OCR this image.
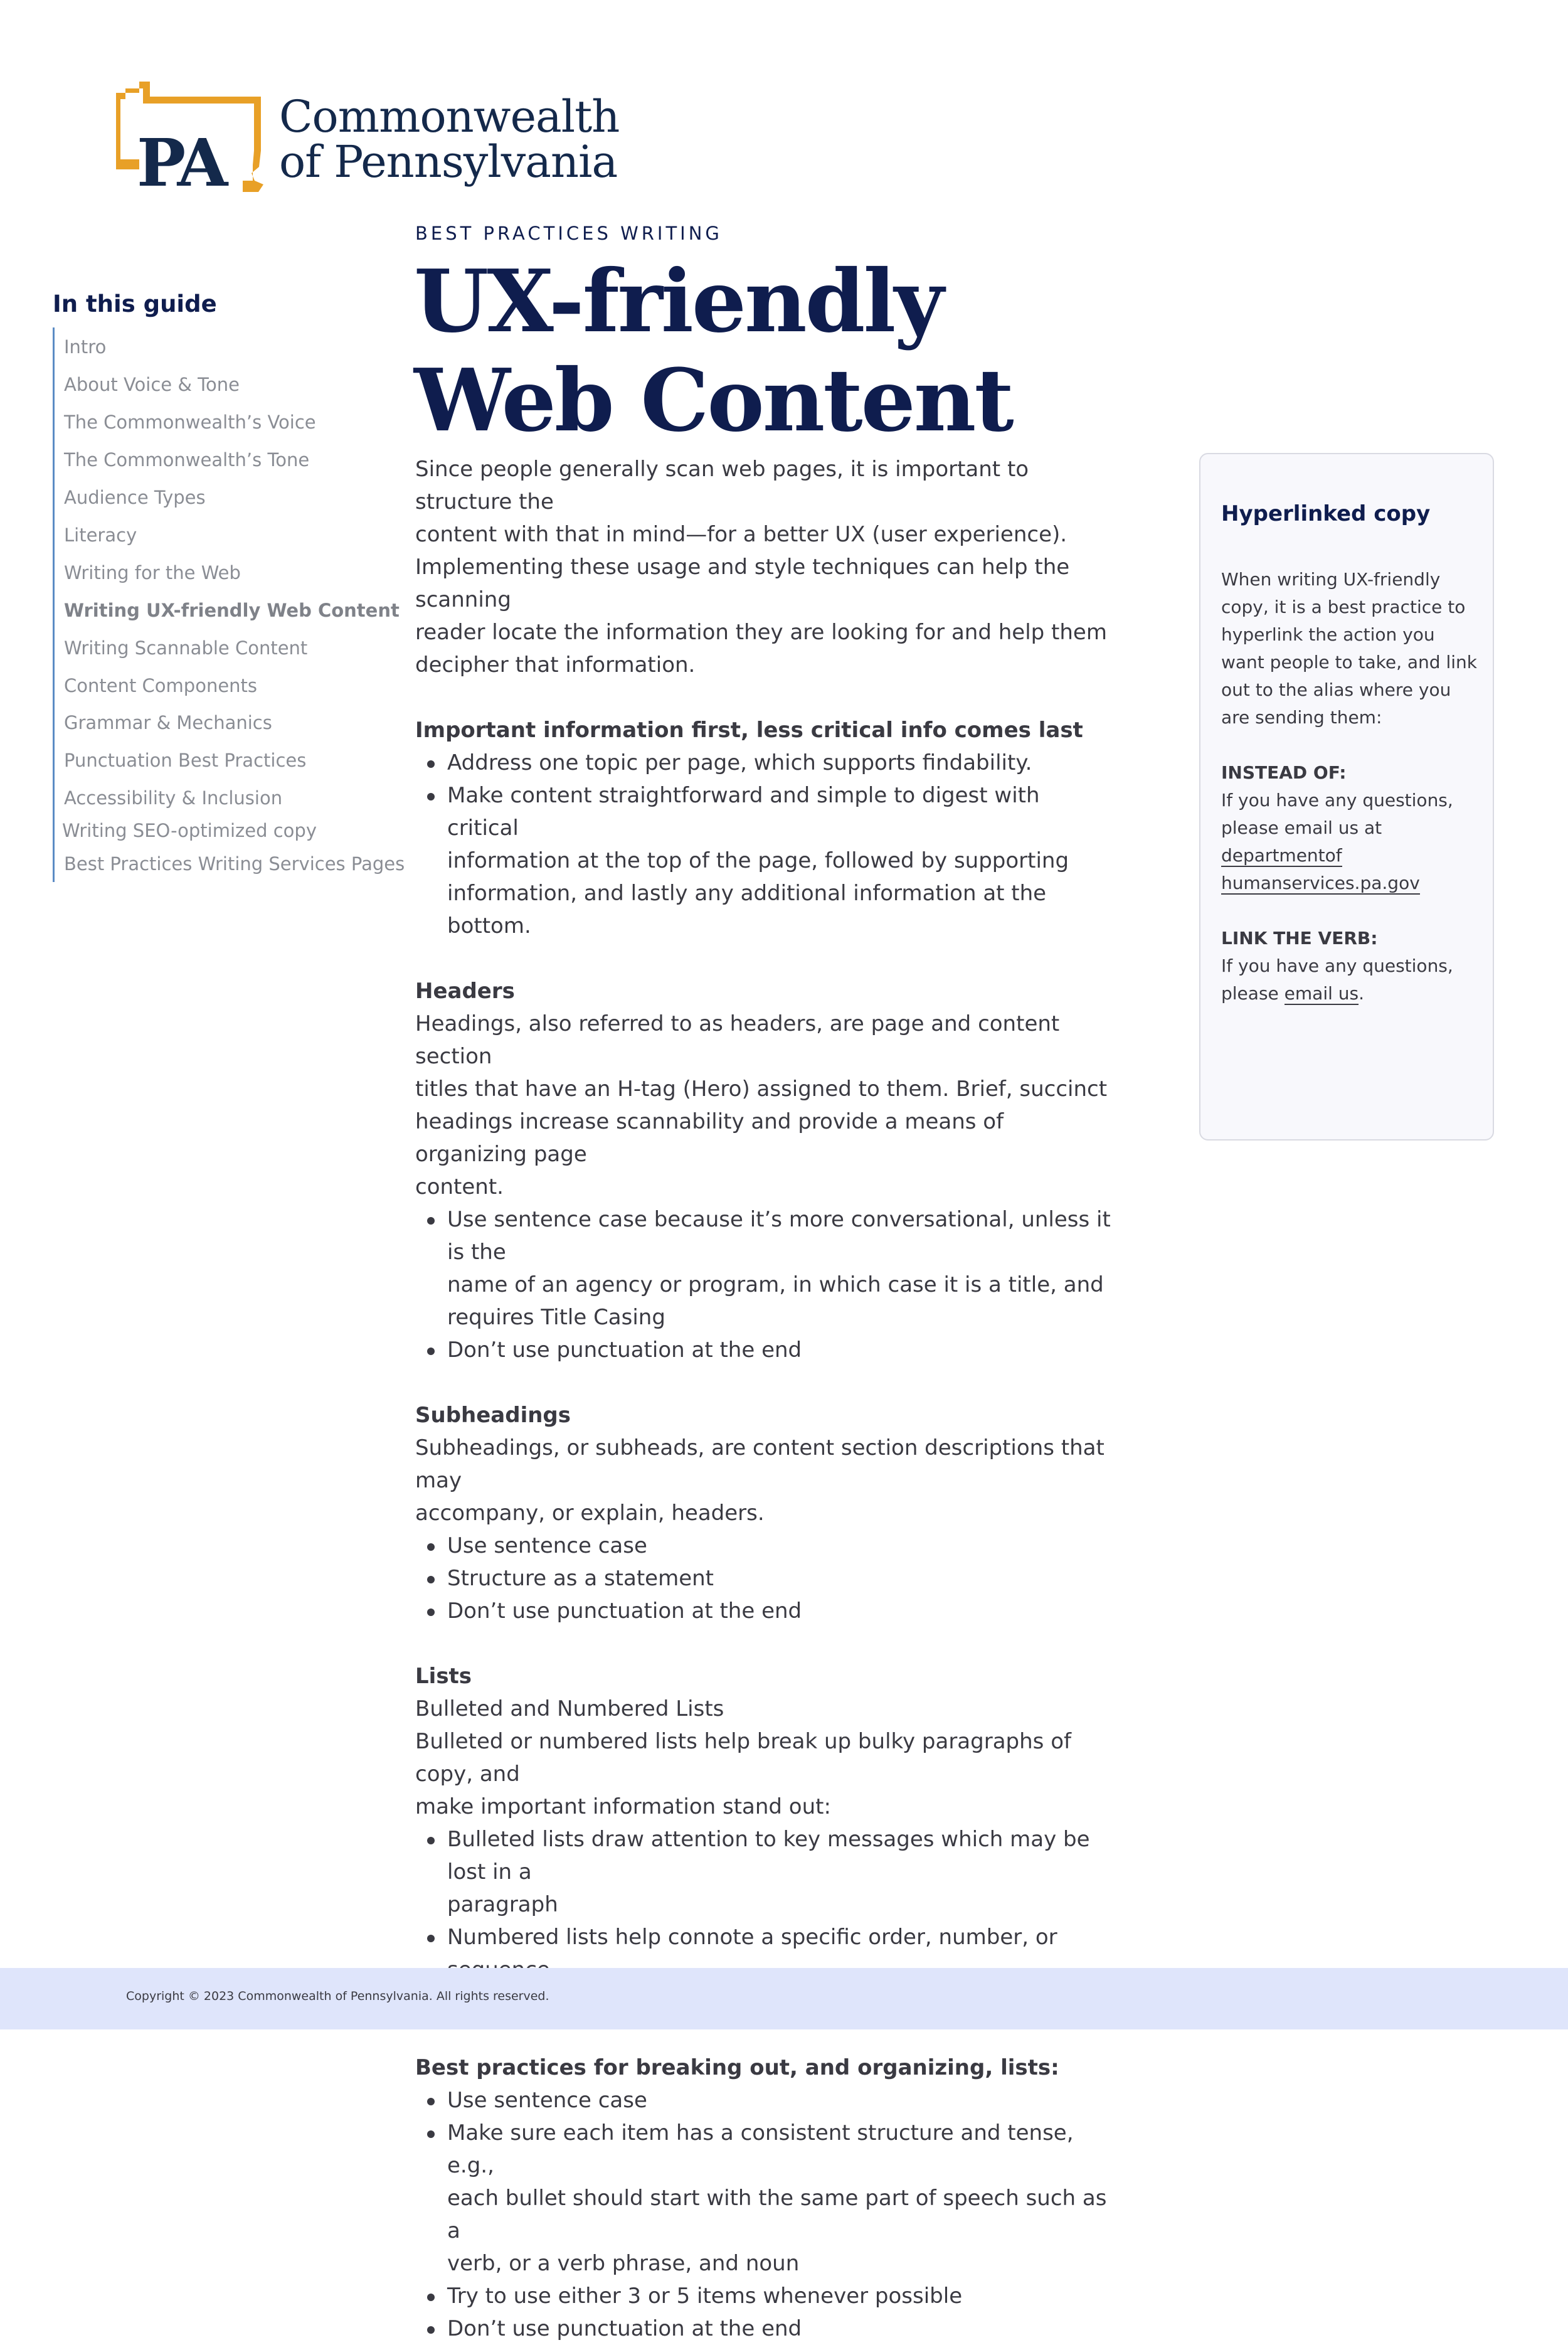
PA
Commonwealth
of Pennsylvania
In this guide
Intro
About Voice & Tone
The Commonwealth’s Voice
The Commonwealth’s Tone
Audience Types
Literacy
Writing for the Web
Writing UX-friendly Web Content
Writing Scannable Content
Content Components
Grammar & Mechanics
Punctuation Best Practices
Accessibility & Inclusion
Writing SEO-optimized copy
Best Practices Writing Services Pages
BEST PRACTICES WRITING
UX-friendly
Web Content

Since people generally scan web pages, it is important to structure the
content with that in mind—for a better UX (user experience).
Implementing these usage and style techniques can help the scanning
reader locate the information they are looking for and help them
decipher that information.

Important information first, less critical info comes last

Address one topic per page, which supports findability.
Make content straightforward and simple to digest with critical
information at the top of the page, followed by supporting
information, and lastly any additional information at the bottom.

Headers

Headings, also referred to as headers, are page and content section
titles that have an H-tag (Hero) assigned to them. Brief, succinct
headings increase scannability and provide a means of organizing page
content.

Use sentence case because it’s more conversational, unless it is the
name of an agency or program, in which case it is a title, and
requires Title Casing
Don’t use punctuation at the end

Subheadings

Subheadings, or subheads, are content section descriptions that may
accompany, or explain, headers.

Use sentence case
Structure as a statement
Don’t use punctuation at the end

Lists

Bulleted and Numbered Lists

Bulleted or numbered lists help break up bulky paragraphs of copy, and
make important information stand out:

Bulleted lists draw attention to key messages which may be lost in a
paragraph
Numbered lists help connote a specific order, number, or

Best practices for breaking out, and organizing, lists:

Use sentence case
Make sure each item has a consistent structure and tense, e.g.,
each bullet should start with the same part of speech such as a
verb, or a verb phrase, and noun
Try to use either 3 or 5 items whenever possible
Don’t use punctuation at the end
Hyperlinked copy

When writing UX-friendly
copy, it is a best practice to
hyperlink the action you
want people to take, and link
out to the alias where you
are sending them:

INSTEAD OF:

If you have any questions,
please email us at
departmentof
humanservices.pa.gov

LINK THE VERB:

If you have any questions,
please email us.

Copyright © 2023 Commonwealth of Pennsylvania. All rights reserved.
